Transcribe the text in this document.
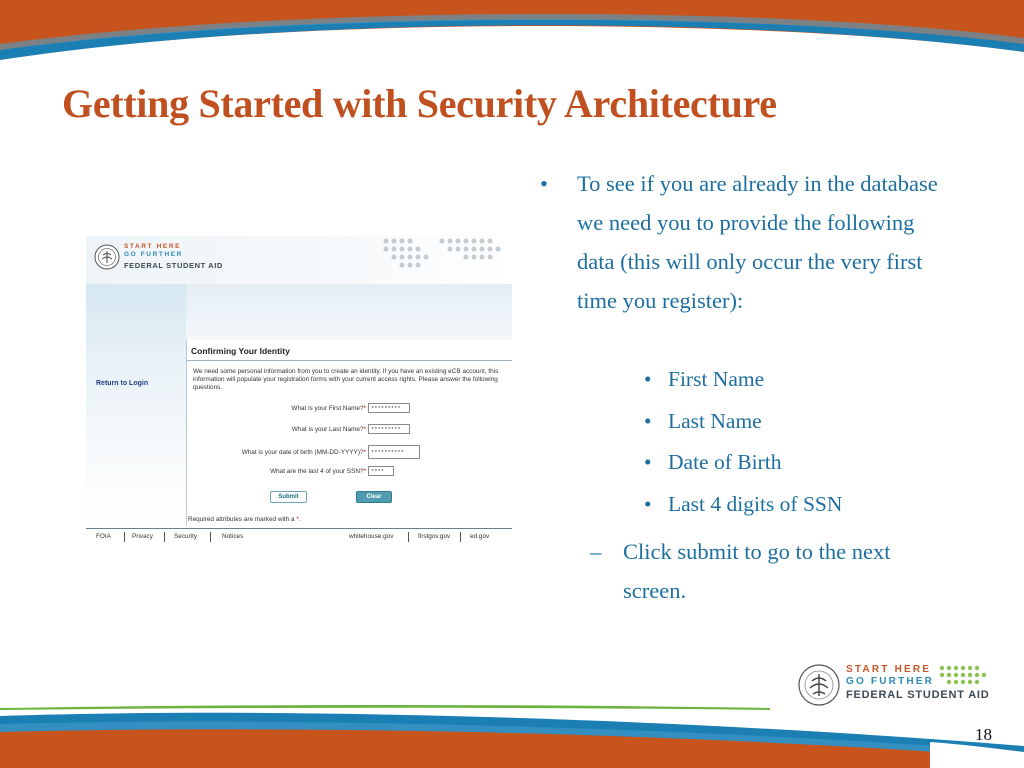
Getting Started with Security Architecture
START HERE
GO FURTHER
FEDERAL STUDENT AID
Confirming Your Identity
We need some personal information from you to create an identity. If you have an existing eCB account, this information will populate your registration forms with your current access rights. Please answer the following questions.
Return to Login
What is your First Name?* *********
What is your Last Name?* *********
What is your date of birth (MM-DD-YYYY)?* **********
What are the last 4 of your SSN?* ****
Submit	Clear
Required attributes are marked with a *.
FOIA	Privacy	Security	Notices	whitehouse.gov	firstgov.gov	ed.gov
• To see if you are already in the database we need you to provide the following data (this will only occur the very first time you register):
• First Name
• Last Name
• Date of Birth
• Last 4 digits of SSN
– Click submit to go to the next screen.
START HERE
GO FURTHER
FEDERAL STUDENT AID
18
